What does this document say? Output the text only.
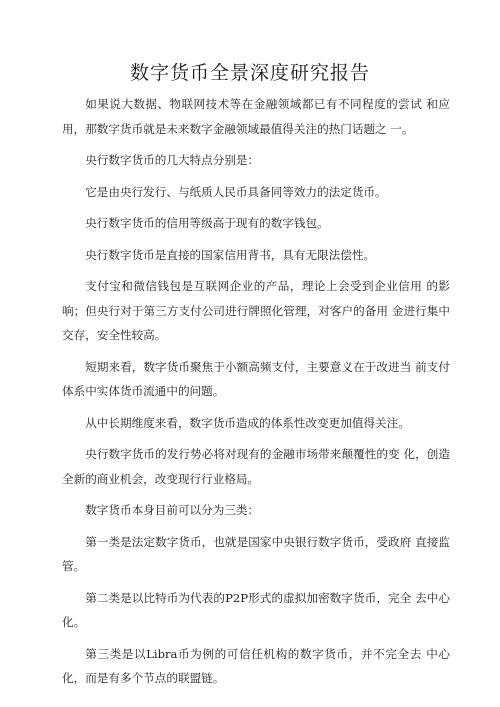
数字货币全景深度研究报告

如果说大数据、物联网技术等在金融领域都已有不同程度的尝试 和应用，那数字货币就是未来数字金融领域最值得关注的热门话题之 一。

央行数字货币的几大特点分别是：

它是由央行发行、与纸质人民币具备同等效力的法定货币。

央行数字货币的信用等级高于现有的数字钱包。

央行数字货币是直接的国家信用背书，具有无限法偿性。

支付宝和微信钱包是互联网企业的产品，理论上会受到企业信用 的影响；但央行对于第三方支付公司进行牌照化管理，对客户的备用 金进行集中交存，安全性较高。

短期来看，数字货币聚焦于小额高频支付，主要意义在于改进当 前支付体系中实体货币流通中的问题。

从中长期维度来看，数字货币造成的体系性改变更加值得关注。

央行数字货币的发行势必将对现有的金融市场带来颠覆性的变 化，创造全新的商业机会，改变现行行业格局。

数字货币本身目前可以分为三类：

第一类是法定数字货币，也就是国家中央银行数字货币，受政府 直接监管。

第二类是以比特币为代表的P2P形式的虚拟加密数字货币，完全 去中心化。

第三类是以Libra币为例的可信任机构的数字货币，并不完全去 中心化，而是有多个节点的联盟链。
